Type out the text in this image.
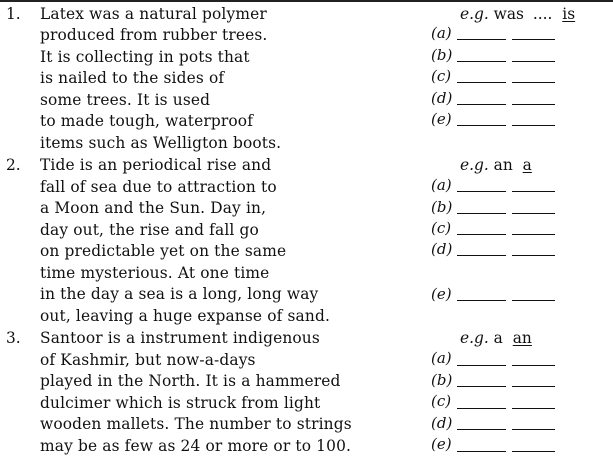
1.	Latex was a natural polymer
produced from rubber trees.
It is collecting in pots that
is nailed to the sides of
some trees. It is used
to made tough, waterproof
items such as Welligton boots.
e.g. was .... is
(a)
(b)
(c)
(d)
(e)
2.	Tide is an periodical rise and
fall of sea due to attraction to
a Moon and the Sun. Day in,
day out, the rise and fall go
on predictable yet on the same
time mysterious. At one time
in the day a sea is a long, long way
out, leaving a huge expanse of sand.
e.g. an a
(a)
(b)
(c)
(d)
(e)
3.	Santoor is a instrument indigenous
of Kashmir, but now-a-days
played in the North. It is a hammered
dulcimer which is struck from light
wooden mallets. The number to strings
may be as few as 24 or more or to 100.
e.g. a an
(a)
(b)
(c)
(d)
(e)
